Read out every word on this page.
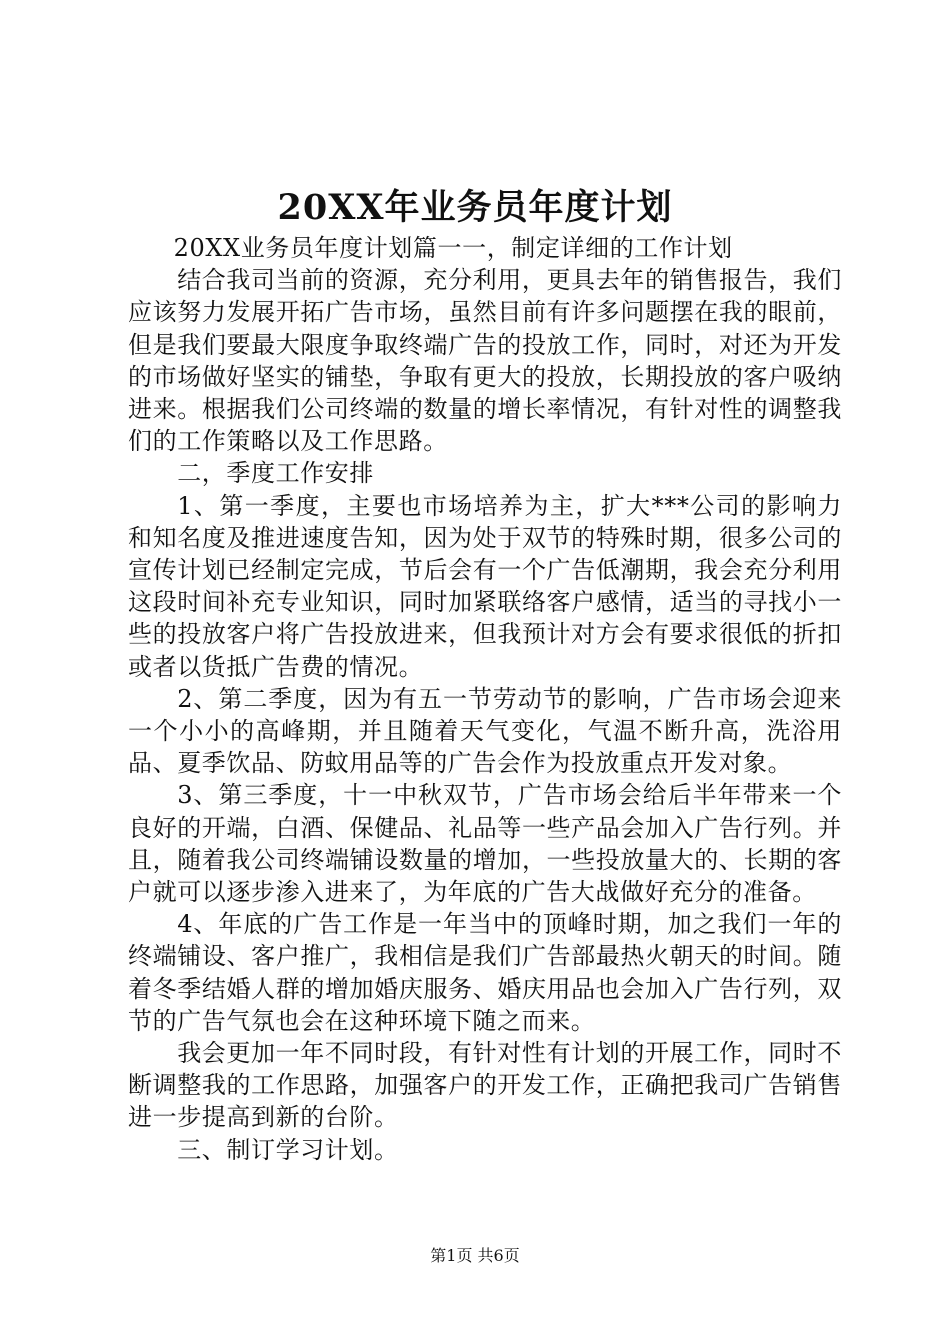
20XX年业务员年度计划

20XX业务员年度计划篇一一，制定详细的工作计划

结合我司当前的资源，充分利用，更具去年的销售报告，我们应该努力发展开拓广告市场，虽然目前有许多问题摆在我的眼前，但是我们要最大限度争取终端广告的投放工作，同时，对还为开发的市场做好坚实的铺垫，争取有更大的投放，长期投放的客户吸纳进来。根据我们公司终端的数量的增长率情况，有针对性的调整我们的工作策略以及工作思路。

二，季度工作安排

1、第一季度，主要也市场培养为主，扩大***公司的影响力和知名度及推进速度告知，因为处于双节的特殊时期，很多公司的宣传计划已经制定完成，节后会有一个广告低潮期，我会充分利用这段时间补充专业知识，同时加紧联络客户感情，适当的寻找小一些的投放客户将广告投放进来，但我预计对方会有要求很低的折扣或者以货抵广告费的情况。

2、第二季度，因为有五一节劳动节的影响，广告市场会迎来一个小小的高峰期，并且随着天气变化，气温不断升高，洗浴用品、夏季饮品、防蚊用品等的广告会作为投放重点开发对象。

3、第三季度，十一中秋双节，广告市场会给后半年带来一个良好的开端，白酒、保健品、礼品等一些产品会加入广告行列。并且，随着我公司终端铺设数量的增加，一些投放量大的、长期的客户就可以逐步渗入进来了，为年底的广告大战做好充分的准备。

4、年底的广告工作是一年当中的顶峰时期，加之我们一年的终端铺设、客户推广，我相信是我们广告部最热火朝天的时间。随着冬季结婚人群的增加婚庆服务、婚庆用品也会加入广告行列，双节的广告气氛也会在这种环境下随之而来。

我会更加一年不同时段，有针对性有计划的开展工作，同时不断调整我的工作思路，加强客户的开发工作，正确把我司广告销售进一步提高到新的台阶。

三、制订学习计划。

第1页 共6页
